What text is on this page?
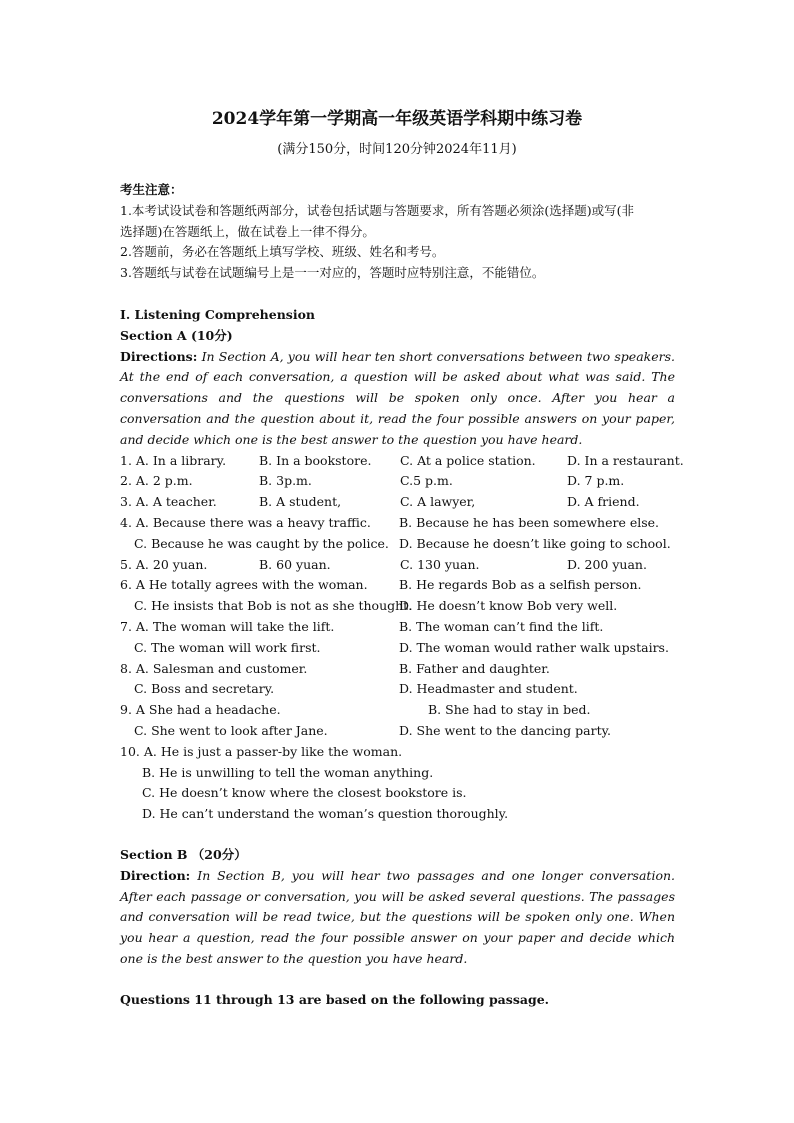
2024学年第一学期高一年级英语学科期中练习卷
(满分150分，时间120分钟2024年11月)
考生注意：
1.本考试设试卷和答题纸两部分，试卷包括试题与答题要求，所有答题必须涂(选择题)或写(非
选择题)在答题纸上，做在试卷上一律不得分。
2.答题前，务必在答题纸上填写学校、班级、姓名和考号。
3.答题纸与试卷在试题编号上是一一对应的，答题时应特别注意，不能错位。
I. Listening Comprehension
Section A (10分)
Directions: In Section A, you will hear ten short conversations between two speakers. At the end of each conversation, a question will be asked about what was said. The conversations and the questions will be spoken only once. After you hear a conversation and the question about it, read the four possible answers on your paper, and decide which one is the best answer to the question you have heard.
1. A. In a library.	B. In a bookstore. C. At a police station.	D. In a restaurant.
2. A. 2 p.m.	B. 3p.m.	C.5 p.m.	D. 7 p.m.
3. A. A teacher.	B. A student,	C. A lawyer,	D. A friend.
4. A. Because there was a heavy traffic. B. Because he has been somewhere else.
C. Because he was caught by the police. D. Because he doesn’t like going to school.
5. A. 20 yuan.	B. 60 yuan.	C. 130 yuan.	D. 200 yuan.
6. A He totally agrees with the woman.	B. He regards Bob as a selfish person.
C. He insists that Bob is not as she thought.
D. He doesn’t know Bob very well.
7. A. The woman will take the lift.	B. The woman can’t find the lift.
C. The woman will work first.	D. The woman would rather walk upstairs.
8. A. Salesman and customer.	B. Father and daughter.
C. Boss and secretary.	D. Headmaster and student.
9. A She had a headache.	B. She had to stay in bed.
C. She went to look after Jane.	D. She went to the dancing party.
10. A. He is just a passer-by like the woman.
B. He is unwilling to tell the woman anything.
C. He doesn’t know where the closest bookstore is.
D. He can’t understand the woman’s question thoroughly.
Section B （20分）
Direction: In Section B, you will hear two passages and one longer conversation. After each passage or conversation, you will be asked several questions. The passages and conversation will be read twice, but the questions will be spoken only one. When you hear a question, read the four possible answer on your paper and decide which one is the best answer to the question you have heard.
Questions 11 through 13 are based on the following passage.
